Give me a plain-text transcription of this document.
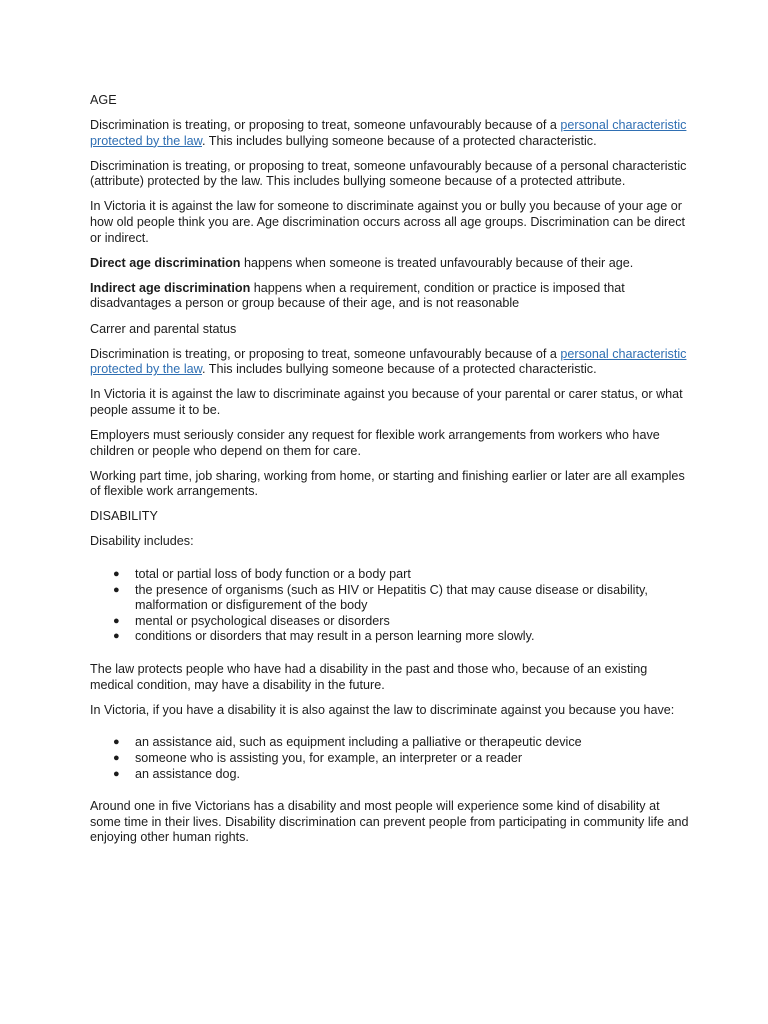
AGE

Discrimination is treating, or proposing to treat, someone unfavourably because of a personal characteristic protected by the law. This includes bullying someone because of a protected characteristic.

Discrimination is treating, or proposing to treat, someone unfavourably because of a personal characteristic (attribute) protected by the law. This includes bullying someone because of a protected attribute.

In Victoria it is against the law for someone to discriminate against you or bully you because of your age or how old people think you are. Age discrimination occurs across all age groups. Discrimination can be direct or indirect.

Direct age discrimination happens when someone is treated unfavourably because of their age.

Indirect age discrimination happens when a requirement, condition or practice is imposed that disadvantages a person or group because of their age, and is not reasonable

Carrer and parental status

Discrimination is treating, or proposing to treat, someone unfavourably because of a personal characteristic protected by the law. This includes bullying someone because of a protected characteristic.

In Victoria it is against the law to discriminate against you because of your parental or carer status, or what people assume it to be.

Employers must seriously consider any request for flexible work arrangements from workers who have children or people who depend on them for care.

Working part time, job sharing, working from home, or starting and finishing earlier or later are all examples of flexible work arrangements.

DISABILITY

Disability includes:

● total or partial loss of body function or a body part
● the presence of organisms (such as HIV or Hepatitis C) that may cause disease or disability, malformation or disfigurement of the body
● mental or psychological diseases or disorders
● conditions or disorders that may result in a person learning more slowly.

The law protects people who have had a disability in the past and those who, because of an existing medical condition, may have a disability in the future.

In Victoria, if you have a disability it is also against the law to discriminate against you because you have:

● an assistance aid, such as equipment including a palliative or therapeutic device
● someone who is assisting you, for example, an interpreter or a reader
● an assistance dog.

Around one in five Victorians has a disability and most people will experience some kind of disability at some time in their lives. Disability discrimination can prevent people from participating in community life and enjoying other human rights.
